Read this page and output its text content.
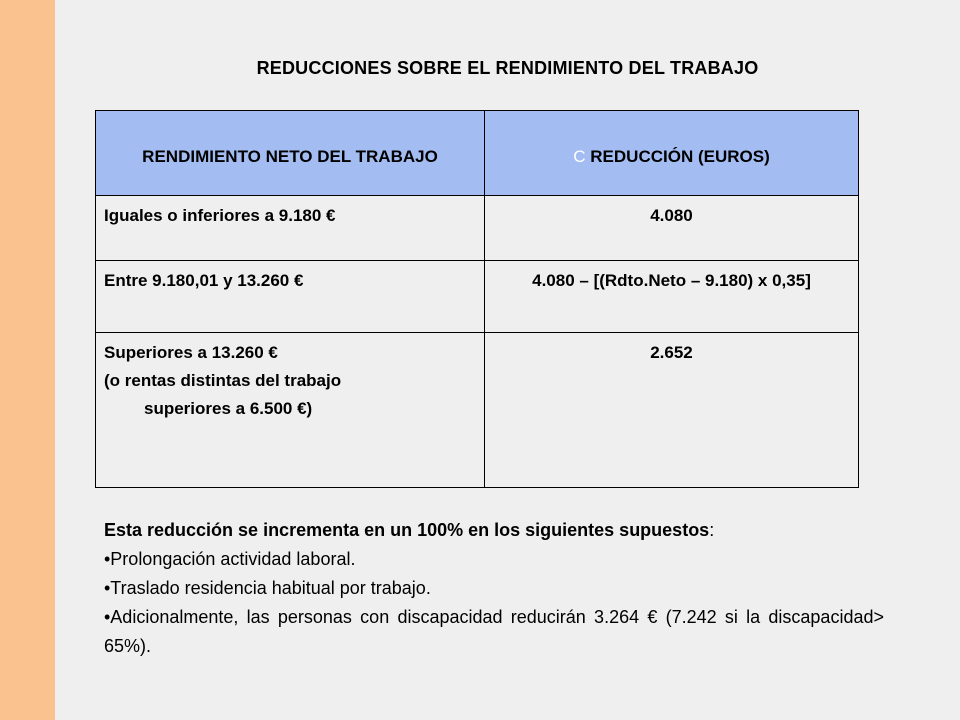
REDUCCIONES SOBRE EL RENDIMIENTO DEL TRABAJO
RENDIMIENTO NETO DEL TRABAJO	C REDUCCIÓN (EUROS)
Iguales o inferiores a 9.180 €	4.080
Entre 9.180,01 y 13.260 €	4.080 – [(Rdto.Neto – 9.180) x 0,35]

Superiores a 13.260 €
(o rentas distintas del trabajo
superiores a 6.500 €)	2.652

Esta reducción se incrementa en un 100% en los siguientes supuestos:

•Prolongación actividad laboral.

•Traslado residencia habitual por trabajo.

•Adicionalmente, las personas con discapacidad reducirán 3.264 € (7.242 si la discapacidad> 65%).
